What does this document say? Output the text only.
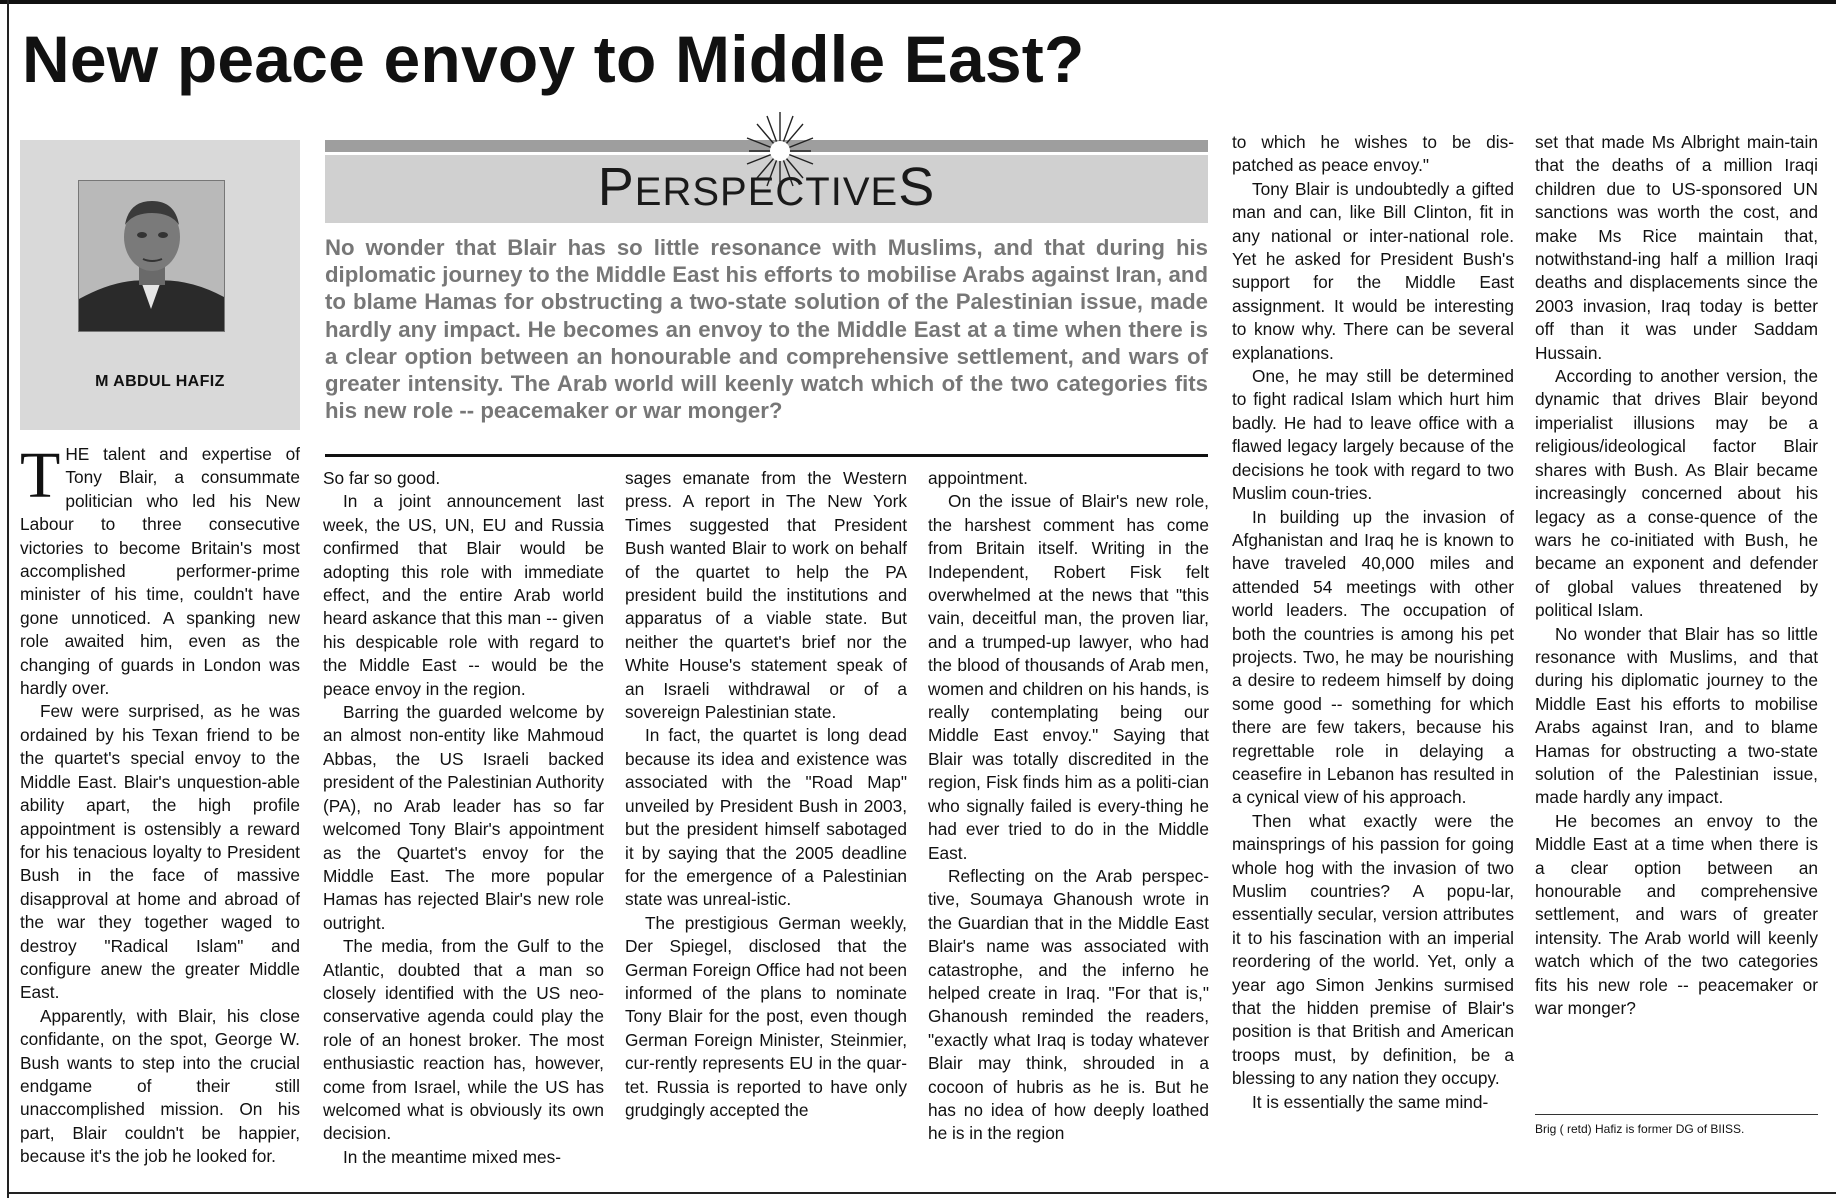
New peace envoy to Middle East?
M ABDUL HAFIZ

THE talent and expertise of Tony Blair, a consummate politician who led his New Labour to three consecutive victories to become Britain's most accomplished performer-prime minister of his time, couldn't have gone unnoticed. A spanking new role awaited him, even as the changing of guards in London was hardly over.

Few were surprised, as he was ordained by his Texan friend to be the quartet's special envoy to the Middle East. Blair's unquestion-able ability apart, the high profile appointment is ostensibly a reward for his tenacious loyalty to President Bush in the face of massive disapproval at home and abroad of the war they together waged to destroy "Radical Islam" and configure anew the greater Middle East.

Apparently, with Blair, his close confidante, on the spot, George W. Bush wants to step into the crucial endgame of their still unaccomplished mission. On his part, Blair couldn't be happier, because it's the job he looked for.

PERSPECTIVES

No wonder that Blair has so little resonance with Muslims, and that during his diplomatic journey to the Middle East his efforts to mobilise Arabs against Iran, and to blame Hamas for obstructing a two-state solution of the Palestinian issue, made hardly any impact. He becomes an envoy to the Middle East at a time when there is a clear option between an honourable and comprehensive settlement, and wars of greater intensity. The Arab world will keenly watch which of the two categories fits his new role -- peacemaker or war monger?

So far so good.

In a joint announcement last week, the US, UN, EU and Russia confirmed that Blair would be adopting this role with immediate effect, and the entire Arab world heard askance that this man -- given his despicable role with regard to the Middle East -- would be the peace envoy in the region.

Barring the guarded welcome by an almost non-entity like Mahmoud Abbas, the US Israeli backed president of the Palestinian Authority (PA), no Arab leader has so far welcomed Tony Blair's appointment as the Quartet's envoy for the Middle East. The more popular Hamas has rejected Blair's new role outright.

The media, from the Gulf to the Atlantic, doubted that a man so closely identified with the US neo-conservative agenda could play the role of an honest broker. The most enthusiastic reaction has, however, come from Israel, while the US has welcomed what is obviously its own decision.

In the meantime mixed mes-

sages emanate from the Western press. A report in The New York Times suggested that President Bush wanted Blair to work on behalf of the quartet to help the PA president build the institutions and apparatus of a viable state. But neither the quartet's brief nor the White House's statement speak of an Israeli withdrawal or of a sovereign Palestinian state.

In fact, the quartet is long dead because its idea and existence was associated with the "Road Map" unveiled by President Bush in 2003, but the president himself sabotaged it by saying that the 2005 deadline for the emergence of a Palestinian state was unreal-istic.

The prestigious German weekly, Der Spiegel, disclosed that the German Foreign Office had not been informed of the plans to nominate Tony Blair for the post, even though German Foreign Minister, Steinmier, cur-rently represents EU in the quar-tet. Russia is reported to have only grudgingly accepted the

appointment.

On the issue of Blair's new role, the harshest comment has come from Britain itself. Writing in the Independent, Robert Fisk felt overwhelmed at the news that "this vain, deceitful man, the proven liar, and a trumped-up lawyer, who had the blood of thousands of Arab men, women and children on his hands, is really contemplating being our Middle East envoy." Saying that Blair was totally discredited in the region, Fisk finds him as a politi-cian who signally failed is every-thing he had ever tried to do in the Middle East.

Reflecting on the Arab perspec-tive, Soumaya Ghanoush wrote in the Guardian that in the Middle East Blair's name was associated with catastrophe, and the inferno he helped create in Iraq. "For that is," Ghanoush reminded the readers, "exactly what Iraq is today whatever Blair may think, shrouded in a cocoon of hubris as he is. But he has no idea of how deeply loathed he is in the region

to which he wishes to be dis-patched as peace envoy."

Tony Blair is undoubtedly a gifted man and can, like Bill Clinton, fit in any national or inter-national role. Yet he asked for President Bush's support for the Middle East assignment. It would be interesting to know why. There can be several explanations.

One, he may still be determined to fight radical Islam which hurt him badly. He had to leave office with a flawed legacy largely because of the decisions he took with regard to two Muslim coun-tries.

In building up the invasion of Afghanistan and Iraq he is known to have traveled 40,000 miles and attended 54 meetings with other world leaders. The occupation of both the countries is among his pet projects. Two, he may be nourishing a desire to redeem himself by doing some good -- something for which there are few takers, because his regrettable role in delaying a ceasefire in Lebanon has resulted in a cynical view of his approach.

Then what exactly were the mainsprings of his passion for going whole hog with the invasion of two Muslim countries? A popu-lar, essentially secular, version attributes it to his fascination with an imperial reordering of the world. Yet, only a year ago Simon Jenkins surmised that the hidden premise of Blair's position is that British and American troops must, by definition, be a blessing to any nation they occupy.

It is essentially the same mind-

set that made Ms Albright main-tain that the deaths of a million Iraqi children due to US-sponsored UN sanctions was worth the cost, and make Ms Rice maintain that, notwithstand-ing half a million Iraqi deaths and displacements since the 2003 invasion, Iraq today is better off than it was under Saddam Hussain.

According to another version, the dynamic that drives Blair beyond imperialist illusions may be a religious/ideological factor Blair shares with Bush. As Blair became increasingly concerned about his legacy as a conse-quence of the wars he co-initiated with Bush, he became an exponent and defender of global values threatened by political Islam.

No wonder that Blair has so little resonance with Muslims, and that during his diplomatic journey to the Middle East his efforts to mobilise Arabs against Iran, and to blame Hamas for obstructing a two-state solution of the Palestinian issue, made hardly any impact.

He becomes an envoy to the Middle East at a time when there is a clear option between an honourable and comprehensive settlement, and wars of greater intensity. The Arab world will keenly watch which of the two categories fits his new role -- peacemaker or war monger?

Brig ( retd) Hafiz is former DG of BIISS.
